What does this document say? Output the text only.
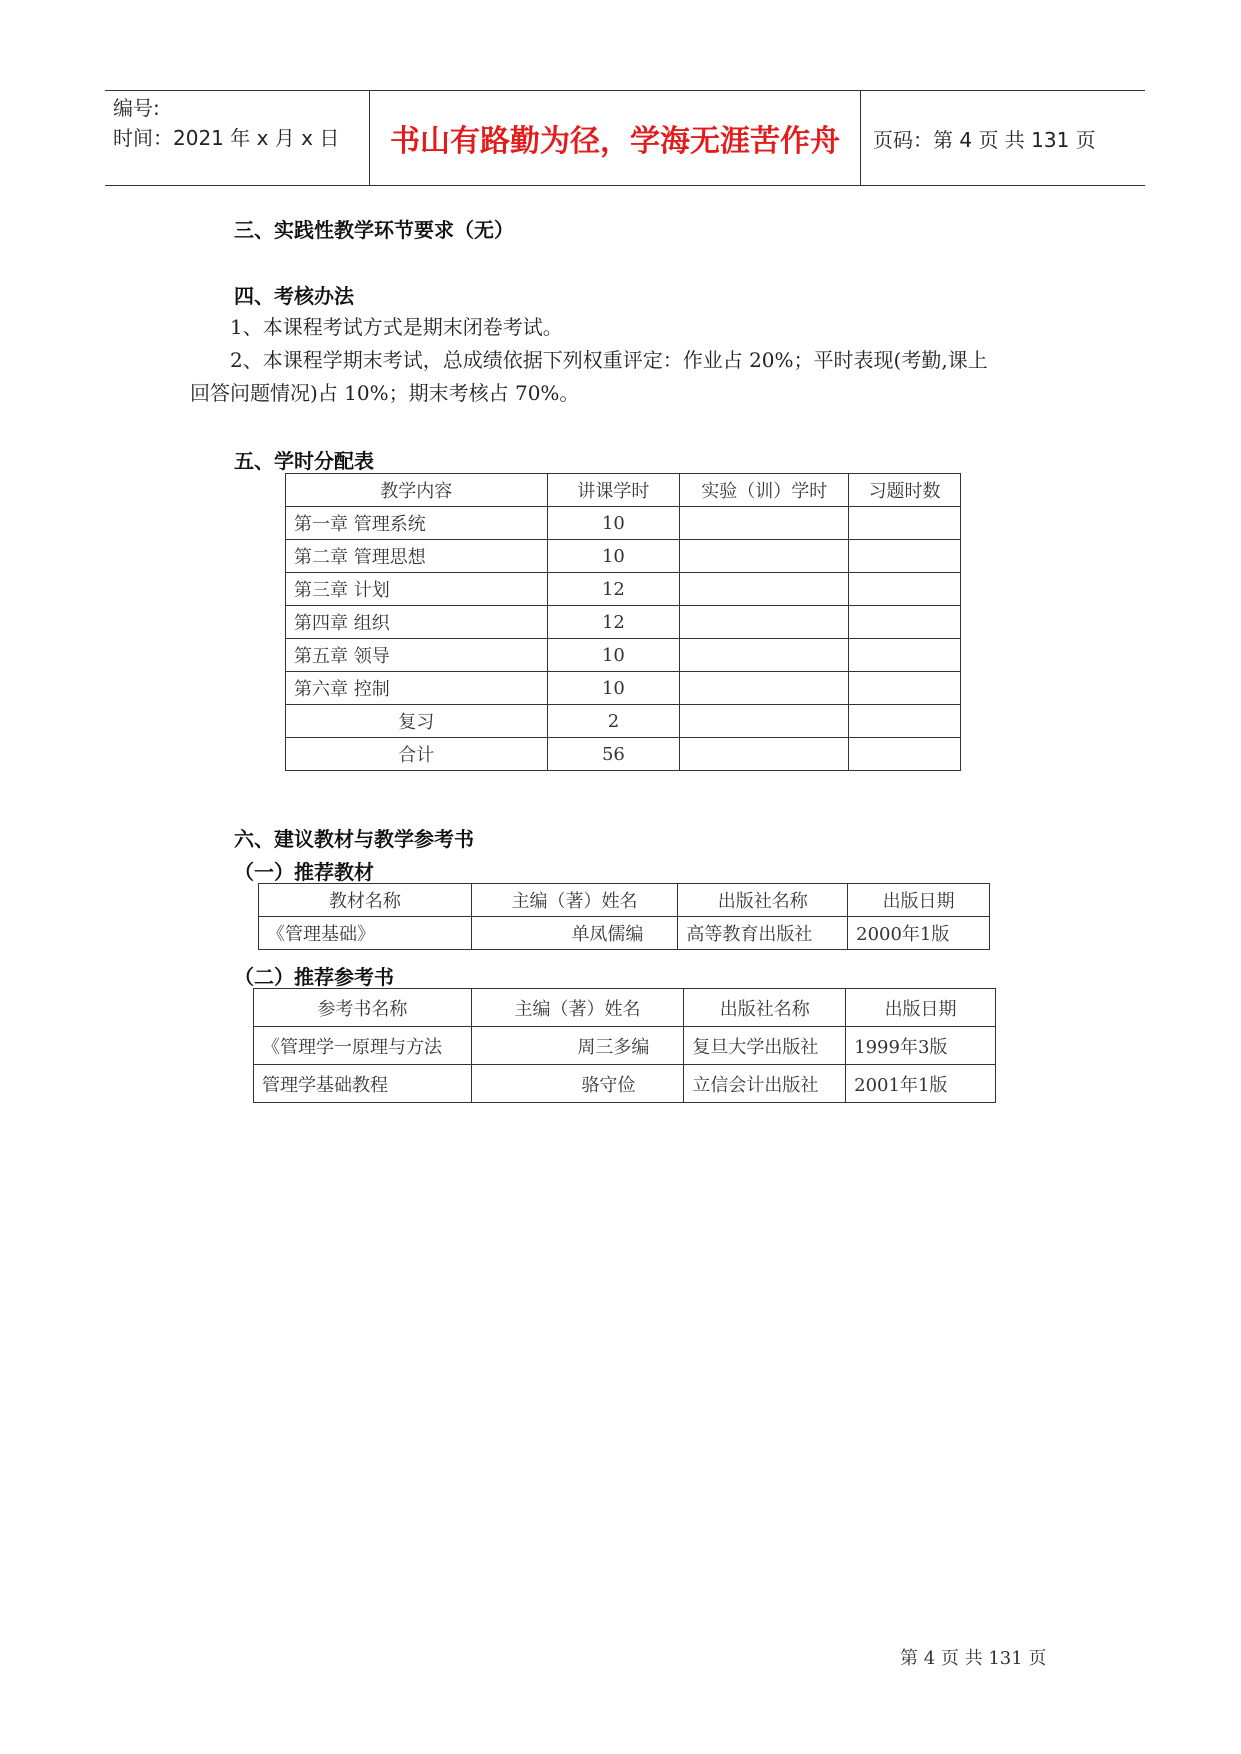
编号:
时间：2021 年 x 月 x 日	书山有路勤为径，学海无涯苦作舟	页码：第 4 页 共 131 页
三、实践性教学环节要求（无）
四、考核办法
1、本课程考试方式是期末闭卷考试。
2、本课程学期末考试，总成绩依据下列权重评定：作业占 20%；平时表现(考勤,课上
回答问题情况)占 10%；期末考核占 70%。
五、学时分配表
教学内容	讲课学时	实验（训）学时	习题时数
第一章 管理系统	10		
第二章 管理思想	10		
第三章 计划	12		
第四章 组织	12		
第五章 领导	10		
第六章 控制	10		
复习	2		
合计	56		
六、建议教材与教学参考书
（一）推荐教材
教材名称	主编（著）姓名	出版社名称	出版日期
《管理基础》	单凤儒编	高等教育出版社	2000年1版
（二）推荐参考书
参考书名称	主编（著）姓名	出版社名称	出版日期
《管理学一原理与方法	周三多编	复旦大学出版社	1999年3版
管理学基础教程	骆守俭	立信会计出版社	2001年1版
第 4 页 共 131 页
